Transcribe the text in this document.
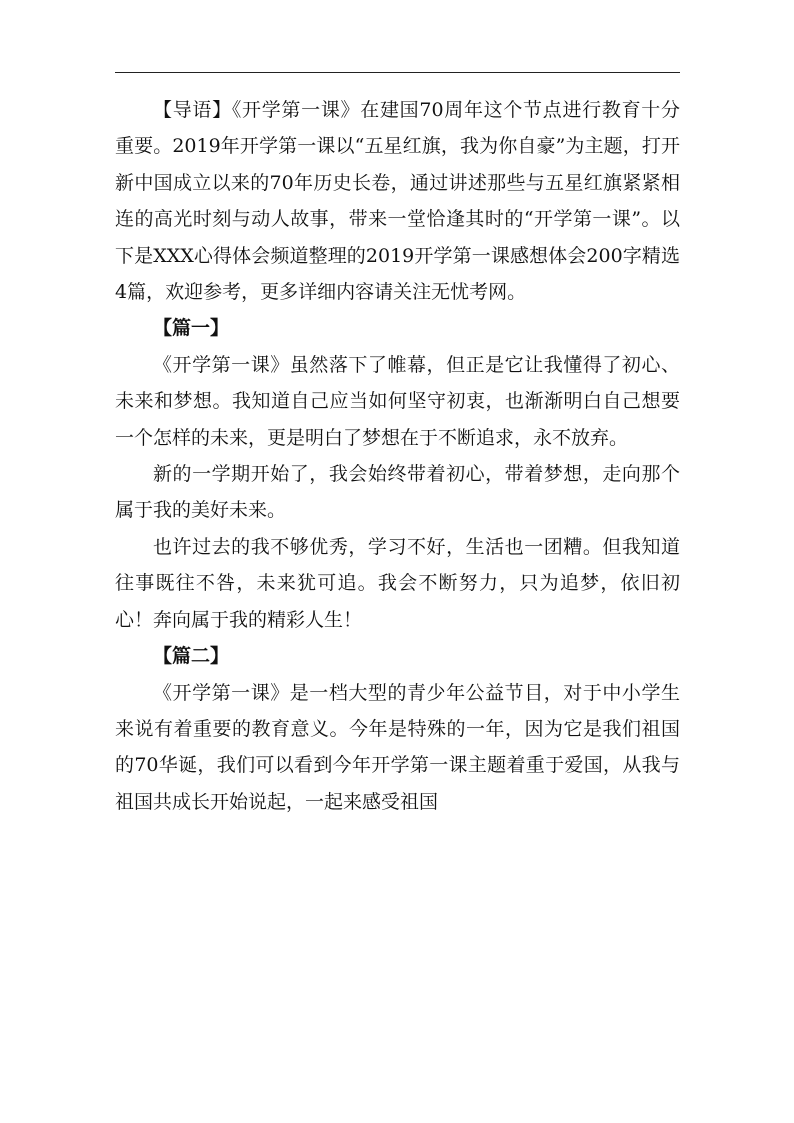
【导语】《开学第一课》在建国70周年这个节点进行教育十分重要。2019年开学第一课以“五星红旗，我为你自豪”为主题，打开新中国成立以来的70年历史长卷，通过讲述那些与五星红旗紧紧相连的高光时刻与动人故事，带来一堂恰逢其时的“开学第一课”。以下是XXX心得体会频道整理的2019开学第一课感想体会200字精选4篇，欢迎参考，更多详细内容请关注无忧考网。

【篇一】

《开学第一课》虽然落下了帷幕，但正是它让我懂得了初心、未来和梦想。我知道自己应当如何坚守初衷，也渐渐明白自己想要一个怎样的未来，更是明白了梦想在于不断追求，永不放弃。

新的一学期开始了，我会始终带着初心，带着梦想，走向那个属于我的美好未来。

也许过去的我不够优秀，学习不好，生活也一团糟。但我知道往事既往不咎，未来犹可追。我会不断努力，只为追梦，依旧初心！奔向属于我的精彩人生！

【篇二】

《开学第一课》是一档大型的青少年公益节目，对于中小学生来说有着重要的教育意义。今年是特殊的一年，因为它是我们祖国的70华诞，我们可以看到今年开学第一课主题着重于爱国，从我与祖国共成长开始说起，一起来感受祖国
